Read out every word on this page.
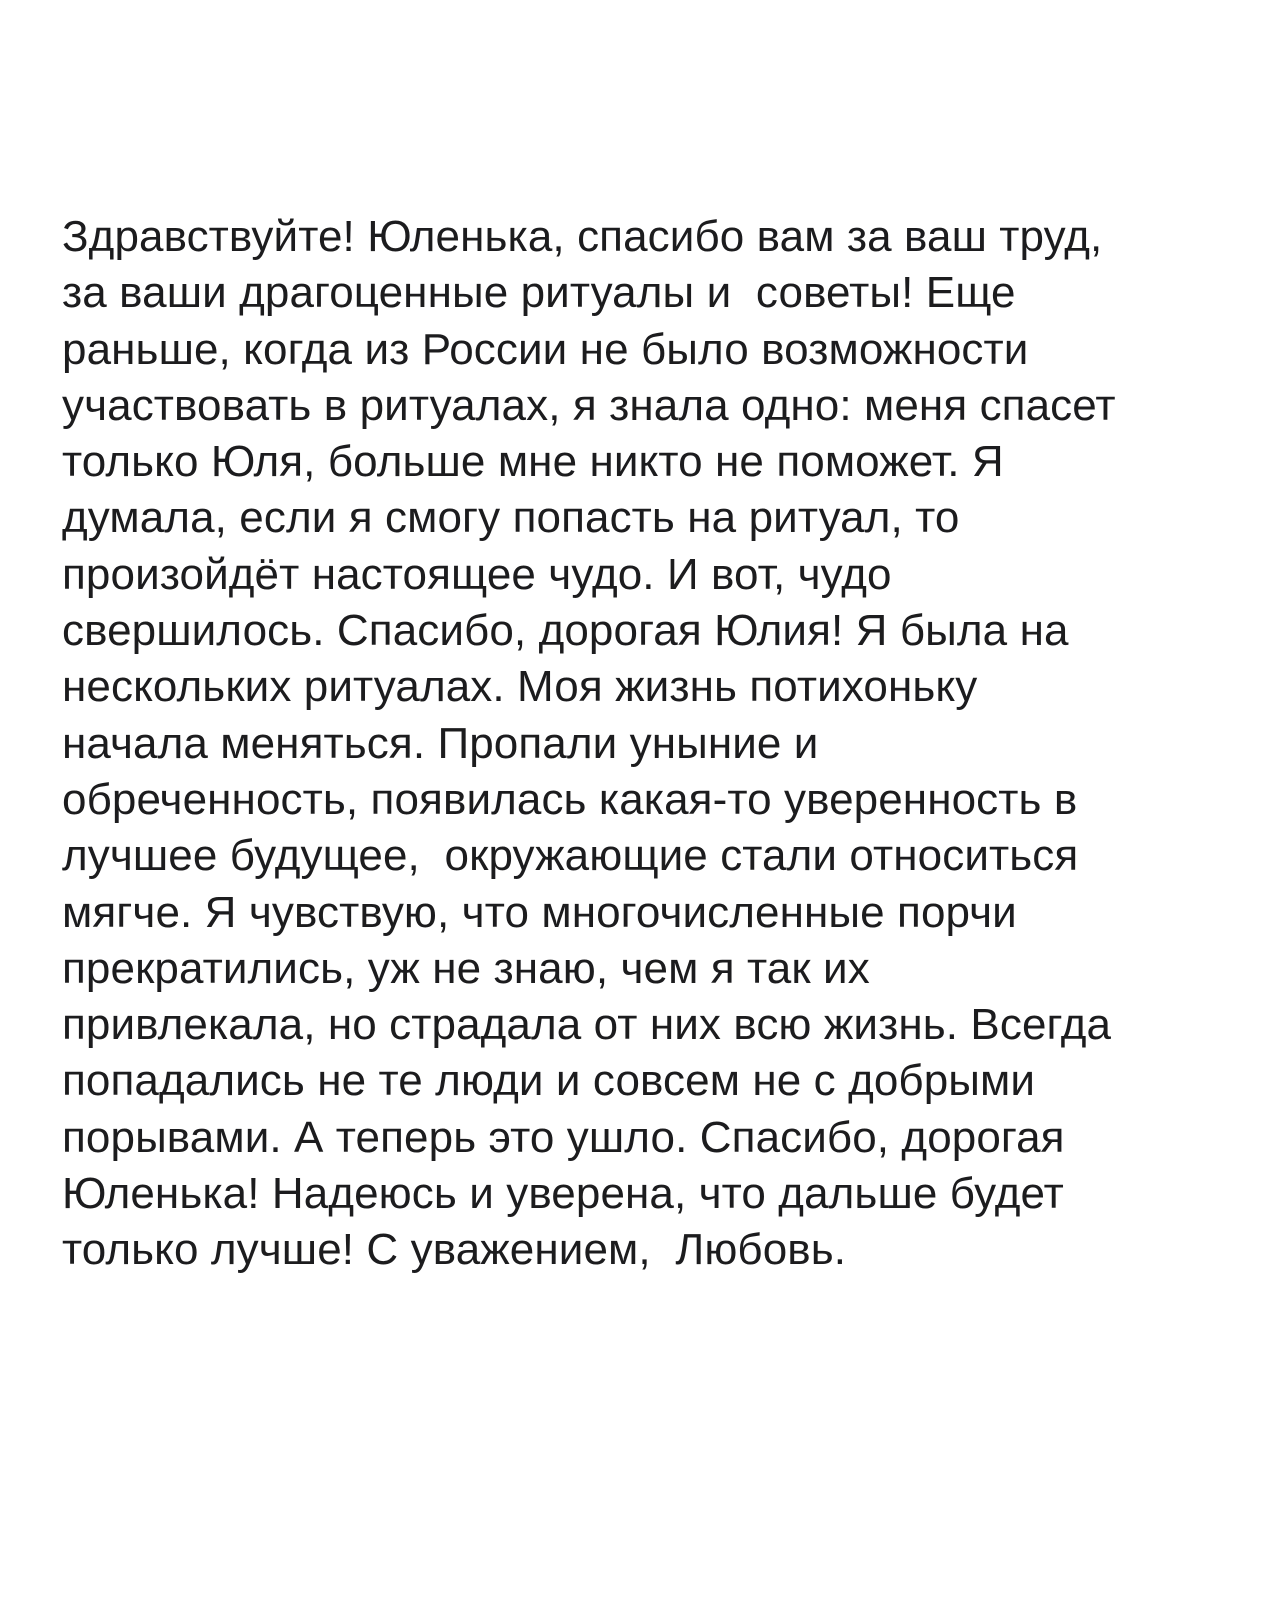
Здравствуйте! Юленька, спасибо вам за ваш труд,
за ваши драгоценные ритуалы и  советы! Еще
раньше, когда из России не было возможности
участвовать в ритуалах, я знала одно: меня спасет
только Юля, больше мне никто не поможет. Я
думала, если я смогу попасть на ритуал, то
произойдёт настоящее чудо. И вот, чудо
свершилось. Спасибо, дорогая Юлия! Я была на
нескольких ритуалах. Моя жизнь потихоньку
начала меняться. Пропали уныние и
обреченность, появилась какая-то уверенность в
лучшее будущее,  окружающие стали относиться
мягче. Я чувствую, что многочисленные порчи
прекратились, уж не знаю, чем я так их
привлекала, но страдала от них всю жизнь. Всегда
попадались не те люди и совсем не с добрыми
порывами. А теперь это ушло. Спасибо, дорогая
Юленька! Надеюсь и уверена, что дальше будет
только лучше! С уважением,  Любовь.
